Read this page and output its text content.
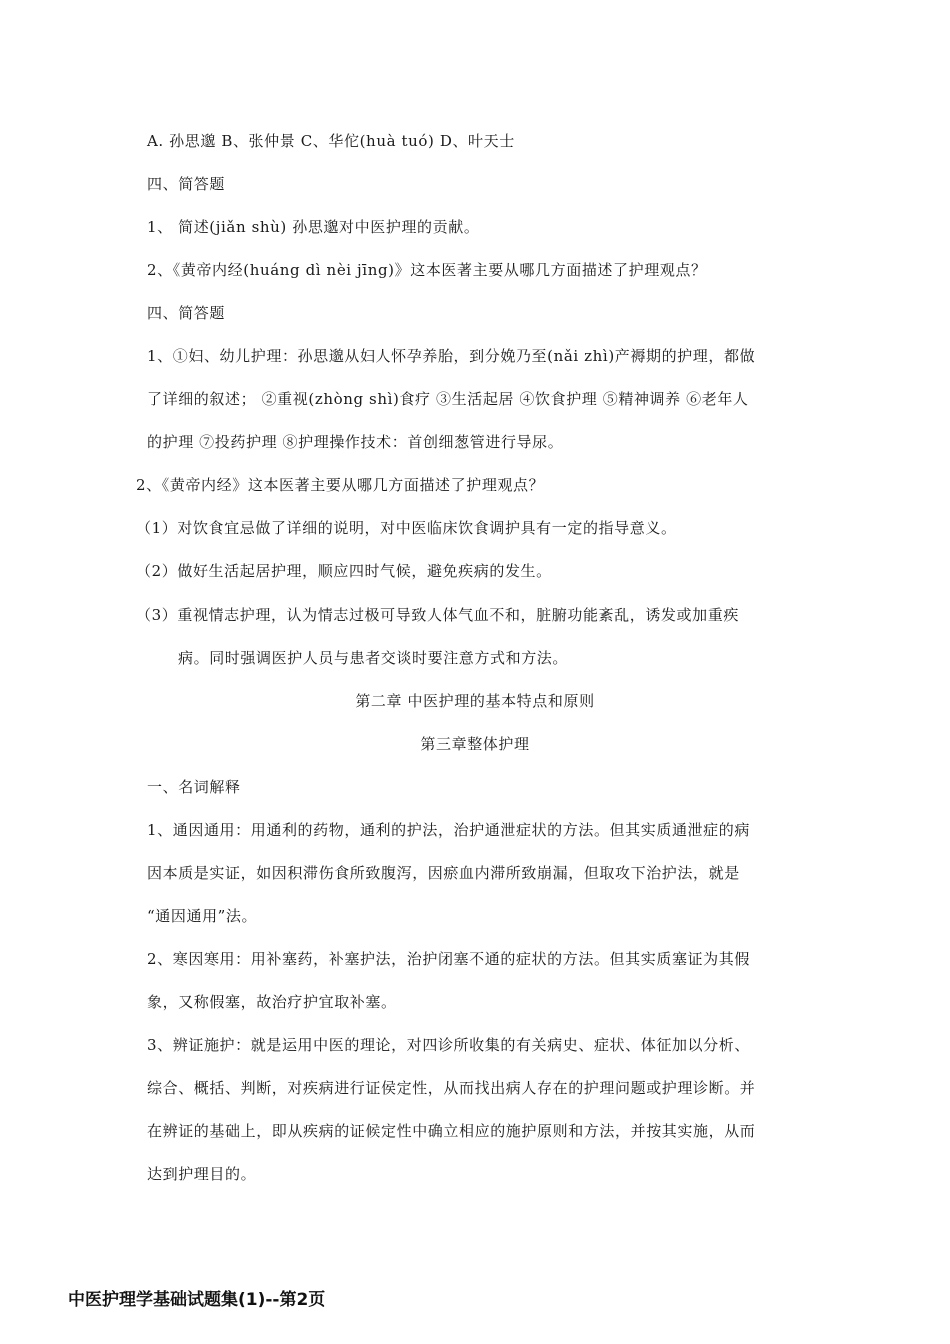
A. 孙思邈 B、张仲景 C、华佗(huà tuó) D、叶天士
四、简答题
1、 简述(jiǎn shù) 孙思邈对中医护理的贡献。
2、《黄帝内经(huáng dì nèi jīng)》这本医著主要从哪几方面描述了护理观点？
四、简答题
1、①妇、幼儿护理：孙思邈从妇人怀孕养胎，到分娩乃至(nǎi zhì)产褥期的护理，都做
了详细的叙述； ②重视(zhòng shì)食疗 ③生活起居 ④饮食护理 ⑤精神调养 ⑥老年人
的护理 ⑦投药护理 ⑧护理操作技术：首创细葱管进行导尿。
2、《黄帝内经》这本医著主要从哪几方面描述了护理观点？
（1）对饮食宜忌做了详细的说明，对中医临床饮食调护具有一定的指导意义。
（2）做好生活起居护理，顺应四时气候，避免疾病的发生。
（3）重视情志护理，认为情志过极可导致人体气血不和，脏腑功能紊乱，诱发或加重疾
病。同时强调医护人员与患者交谈时要注意方式和方法。
第二章 中医护理的基本特点和原则
第三章整体护理
一、名词解释
1、通因通用：用通利的药物，通利的护法，治护通泄症状的方法。但其实质通泄症的病
因本质是实证，如因积滞伤食所致腹泻，因瘀血内滞所致崩漏，但取攻下治护法，就是
“通因通用”法。
2、寒因寒用：用补塞药，补塞护法，治护闭塞不通的症状的方法。但其实质塞证为其假
象，又称假塞，故治疗护宜取补塞。
3、辨证施护：就是运用中医的理论，对四诊所收集的有关病史、症状、体征加以分析、
综合、概括、判断，对疾病进行证侯定性，从而找出病人存在的护理问题或护理诊断。并
在辨证的基础上，即从疾病的证候定性中确立相应的施护原则和方法，并按其实施，从而
达到护理目的。
中医护理学基础试题集(1)--第2页
